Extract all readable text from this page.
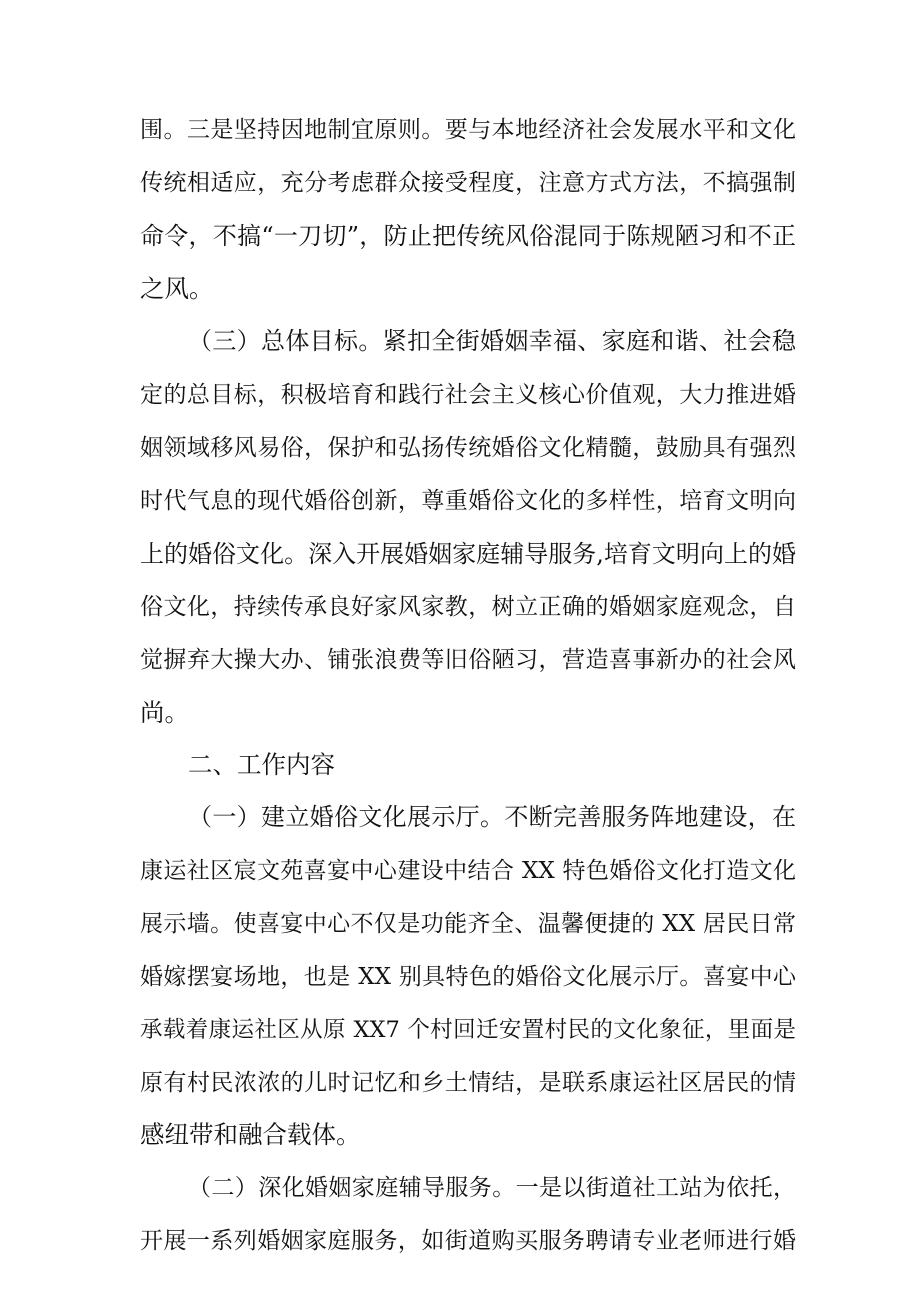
围。三是坚持因地制宜原则。要与本地经济社会发展水平和文化
传统相适应，充分考虑群众接受程度，注意方式方法，不搞强制
命令，不搞“一刀切”，防止把传统风俗混同于陈规陋习和不正
之风。
（三）总体目标。紧扣全街婚姻幸福、家庭和谐、社会稳
定的总目标，积极培育和践行社会主义核心价值观，大力推进婚
姻领域移风易俗，保护和弘扬传统婚俗文化精髓，鼓励具有强烈
时代气息的现代婚俗创新，尊重婚俗文化的多样性，培育文明向
上的婚俗文化。深入开展婚姻家庭辅导服务,培育文明向上的婚
俗文化，持续传承良好家风家教，树立正确的婚姻家庭观念，自
觉摒弃大操大办、铺张浪费等旧俗陋习，营造喜事新办的社会风
尚。
二、工作内容
（一）建立婚俗文化展示厅。不断完善服务阵地建设，在
康运社区宸文苑喜宴中心建设中结合 XX 特色婚俗文化打造文化
展示墙。使喜宴中心不仅是功能齐全、温馨便捷的 XX 居民日常
婚嫁摆宴场地，也是 XX 别具特色的婚俗文化展示厅。喜宴中心
承载着康运社区从原 XX7 个村回迁安置村民的文化象征，里面是
原有村民浓浓的儿时记忆和乡土情结，是联系康运社区居民的情
感纽带和融合载体。
（二）深化婚姻家庭辅导服务。一是以街道社工站为依托，
开展一系列婚姻家庭服务，如街道购买服务聘请专业老师进行婚
